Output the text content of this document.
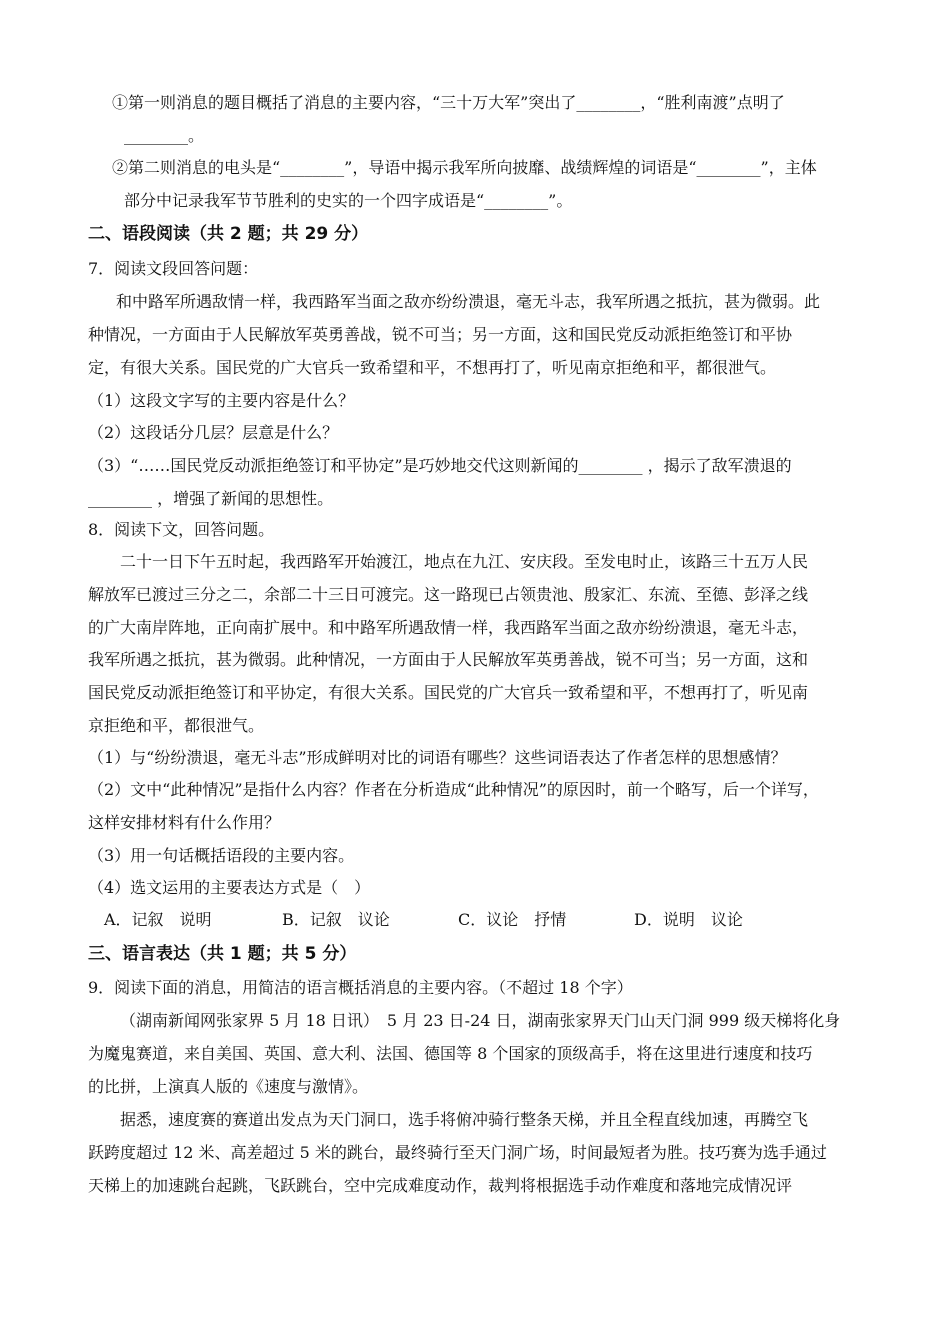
①第一则消息的题目概括了消息的主要内容，“三十万大军”突出了________，“胜利南渡”点明了
________。
②第二则消息的电头是“________”，导语中揭示我军所向披靡、战绩辉煌的词语是“________”，主体
部分中记录我军节节胜利的史实的一个四字成语是“________”。
二、语段阅读（共 2 题；共 29 分）
7．阅读文段回答问题：
和中路军所遇敌情一样，我西路军当面之敌亦纷纷溃退，毫无斗志，我军所遇之抵抗，甚为微弱。此
种情况，一方面由于人民解放军英勇善战，锐不可当；另一方面，这和国民党反动派拒绝签订和平协
定，有很大关系。国民党的广大官兵一致希望和平，不想再打了，听见南京拒绝和平，都很泄气。
（1）这段文字写的主要内容是什么？
（2）这段话分几层？层意是什么？
（3）“……国民党反动派拒绝签订和平协定”是巧妙地交代这则新闻的________ ，揭示了敌军溃退的
________ ，增强了新闻的思想性。
8．阅读下文，回答问题。
二十一日下午五时起，我西路军开始渡江，地点在九江、安庆段。至发电时止，该路三十五万人民
解放军已渡过三分之二，余部二十三日可渡完。这一路现已占领贵池、殷家汇、东流、至德、彭泽之线
的广大南岸阵地，正向南扩展中。和中路军所遇敌情一样，我西路军当面之敌亦纷纷溃退，毫无斗志，
我军所遇之抵抗，甚为微弱。此种情况，一方面由于人民解放军英勇善战，锐不可当；另一方面，这和
国民党反动派拒绝签订和平协定，有很大关系。国民党的广大官兵一致希望和平，不想再打了，听见南
京拒绝和平，都很泄气。
（1）与“纷纷溃退，毫无斗志”形成鲜明对比的词语有哪些？这些词语表达了作者怎样的思想感情？
（2）文中“此种情况”是指什么内容？作者在分析造成“此种情况”的原因时，前一个略写，后一个详写，
这样安排材料有什么作用？
（3）用一句话概括语段的主要内容。
（4）选文运用的主要表达方式是（　）
A．记叙　说明	B．记叙　议论	C．议论　抒情	D．说明　议论
三、语言表达（共 1 题；共 5 分）
9．阅读下面的消息，用简洁的语言概括消息的主要内容。（不超过 18 个字）
（湖南新闻网张家界 5 月 18 日讯）　5 月 23 日-24 日，湖南张家界天门山天门洞 999 级天梯将化身
为魔鬼赛道，来自美国、英国、意大利、法国、德国等 8 个国家的顶级高手，将在这里进行速度和技巧
的比拼，上演真人版的《速度与激情》。
据悉，速度赛的赛道出发点为天门洞口，选手将俯冲骑行整条天梯，并且全程直线加速，再腾空飞
跃跨度超过 12 米、高差超过 5 米的跳台，最终骑行至天门洞广场，时间最短者为胜。技巧赛为选手通过
天梯上的加速跳台起跳，飞跃跳台，空中完成难度动作，裁判将根据选手动作难度和落地完成情况评
